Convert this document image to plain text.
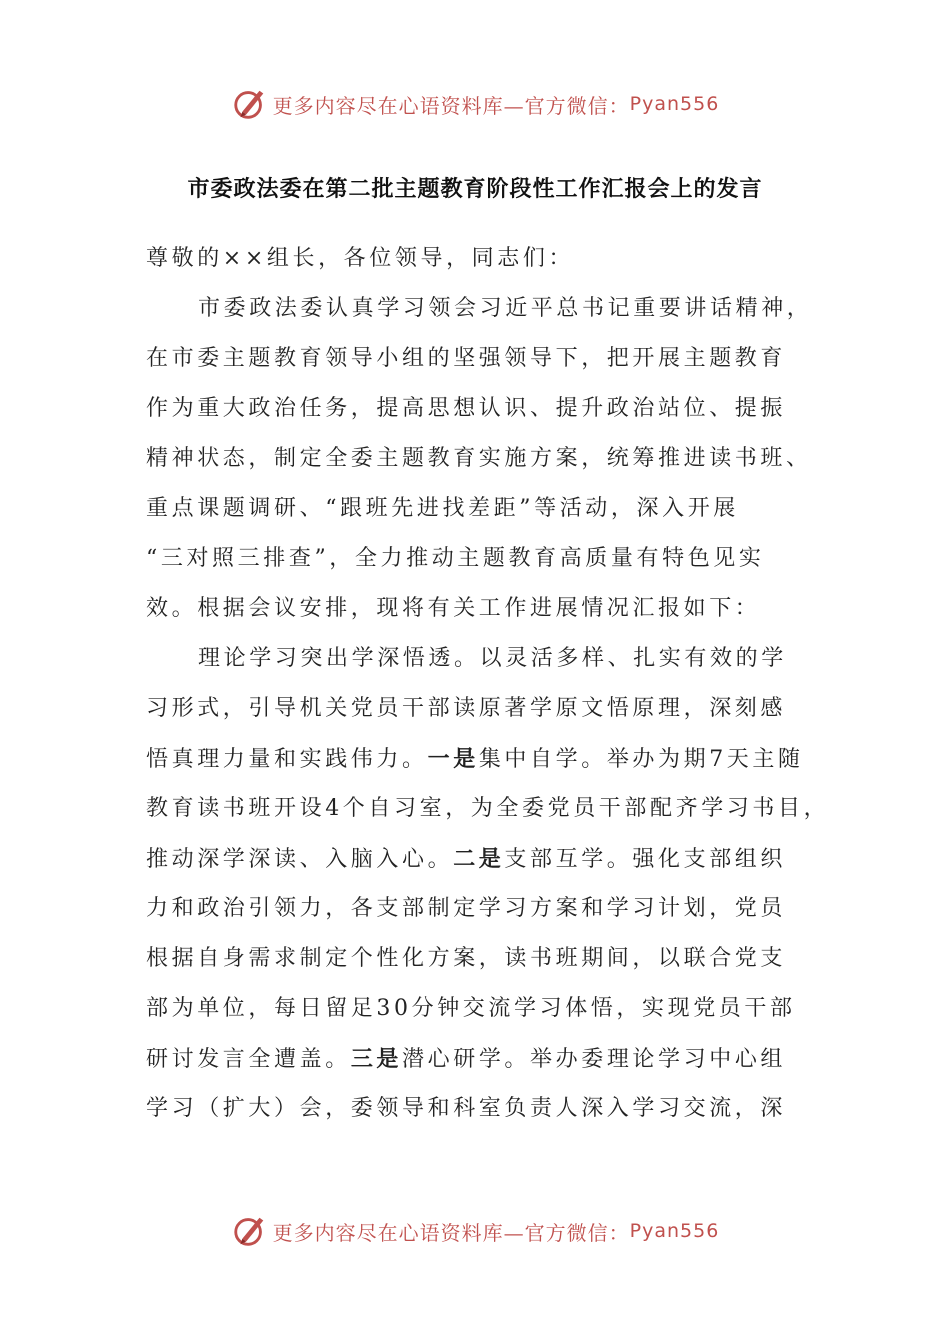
更多内容尽在心语资料库—官方微信： Pyan556
市委政法委在第二批主题教育阶段性工作汇报会上的发言
尊敬的××组长，各位领导，同志们：
市委政法委认真学习领会习近平总书记重要讲话精神，
在市委主题教育领导小组的坚强领导下，把开展主题教育
作为重大政治任务，提高思想认识、提升政治站位、提振
精神状态，制定全委主题教育实施方案，统筹推进读书班、
重点课题调研、“跟班先进找差距”等活动，深入开展
“三对照三排查”，全力推动主题教育高质量有特色见实
效。根据会议安排，现将有关工作进展情况汇报如下：
理论学习突出学深悟透。以灵活多样、扎实有效的学
习形式，引导机关党员干部读原著学原文悟原理，深刻感
悟真理力量和实践伟力。一是集中自学。举办为期7天主随
教育读书班开设4个自习室，为全委党员干部配齐学习书目，
推动深学深读、入脑入心。二是支部互学。强化支部组织
力和政治引领力，各支部制定学习方案和学习计划，党员
根据自身需求制定个性化方案，读书班期间，以联合党支
部为单位，每日留足30分钟交流学习体悟，实现党员干部
研讨发言全遭盖。三是潜心研学。举办委理论学习中心组
学习（扩大）会，委领导和科室负责人深入学习交流，深
更多内容尽在心语资料库—官方微信： Pyan556
